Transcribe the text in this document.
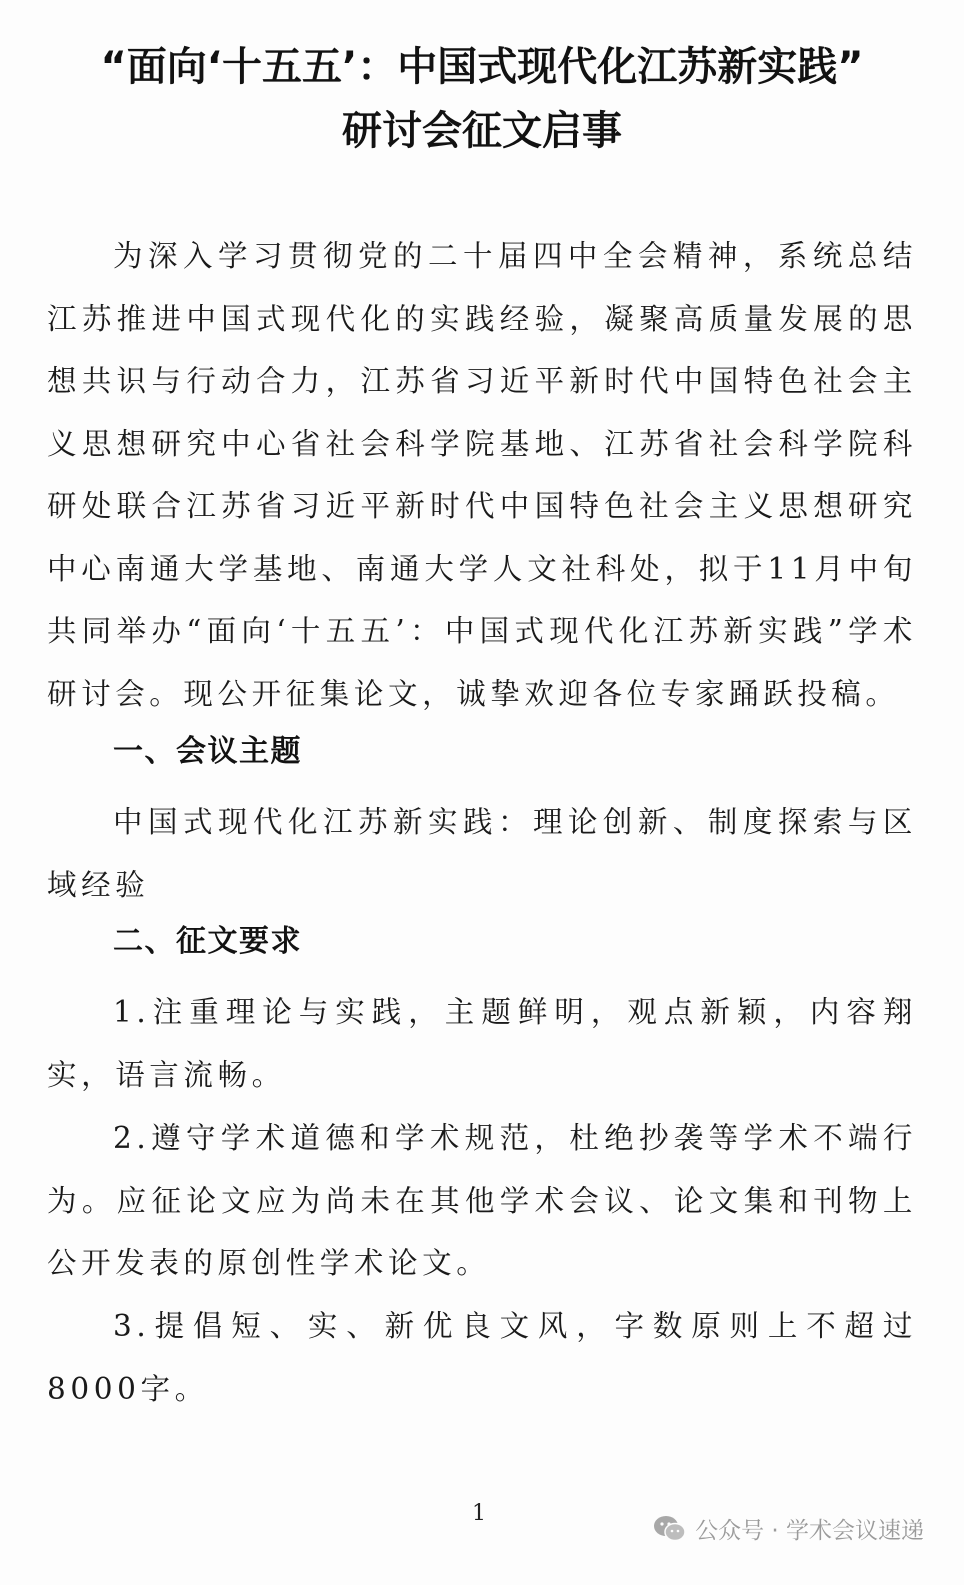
“面向‘十五五’：中国式现代化江苏新实践”
研讨会征文启事

为深入学习贯彻党的二十届四中全会精神，系统总结江苏推进中国式现代化的实践经验，凝聚高质量发展的思想共识与行动合力，江苏省习近平新时代中国特色社会主义思想研究中心省社会科学院基地、江苏省社会科学院科研处联合江苏省习近平新时代中国特色社会主义思想研究中心南通大学基地、南通大学人文社科处，拟于11月中旬共同举办“面向‘十五五’：中国式现代化江苏新实践”学术研讨会。现公开征集论文，诚挚欢迎各位专家踊跃投稿。

一、会议主题

中国式现代化江苏新实践：理论创新、制度探索与区域经验

二、征文要求

1.注重理论与实践，主题鲜明，观点新颖，内容翔实，语言流畅。

2.遵守学术道德和学术规范，杜绝抄袭等学术不端行为。应征论文应为尚未在其他学术会议、论文集和刊物上公开发表的原创性学术论文。

3.提倡短、实、新优良文风，字数原则上不超过8000字。

1
公众号 · 学术会议速递
